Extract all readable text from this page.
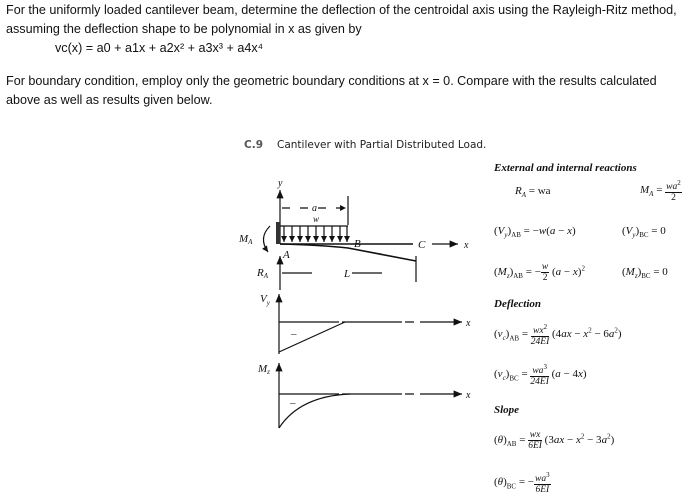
For the uniformly loaded cantilever beam, determine the deflection of the centroidal axis using the Rayleigh-Ritz method, assuming the deflection shape to be polynomial in x as given by
vc(x) = a0 + a1x + a2x² + a3x³ + a4x⁴
For boundary condition, employ only the geometric boundary conditions at x = 0. Compare with the results calculated above as well as results given below.
C.9 Cantilever with Partial Distributed Load.
y
a
w
B	C	x
MA
A
RA	L
$V_y$
–
x
Mz
–
x
External and internal reactions
$R_A$ = wa	$M_A = \frac{wa^2}{2}$
$(V_y)_{AB} = -w(a - x)$	$(V_y)_{BC} = 0$
$(M_z)_{AB}$ = − $\frac{w}{2} (a - x)^2$	$(M_z)_{BC} = 0$
Deflection
$(v_c)_{AB} = \frac{wx^2}{24EI} (4ax - x^2 - 6a^2)$
$(v_c)_{BC} = \frac{wa^3}{24EI} (a - 4x)$
Slope
$(\theta)_{AB} = \frac{wx}{6EI} (3ax - x^2 - 3a^2)$
$(\theta)_{BC}$ = − $\frac{wa^3}{6EI}$
